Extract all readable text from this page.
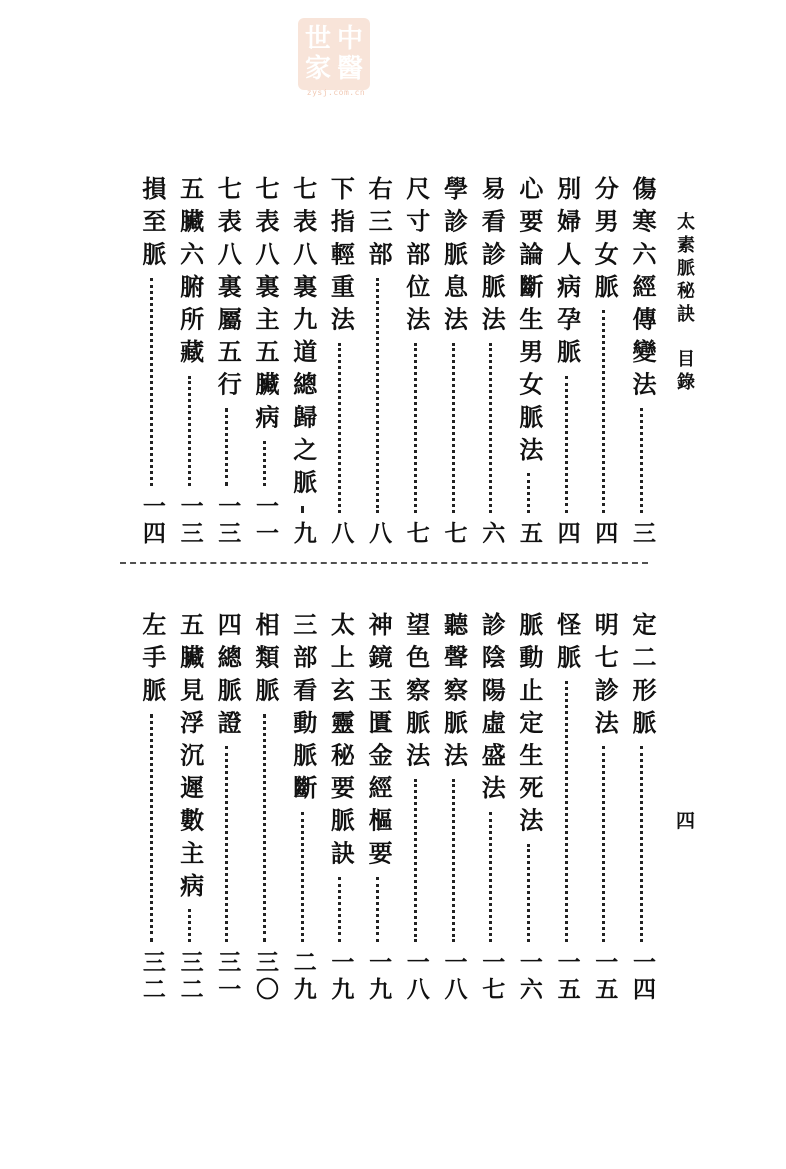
世 中
家 醫
zysj.com.cn
太素脈秘訣目錄
四
傷寒六經傳變法
三
分男女脈
四
別婦人病孕脈
四
心要論斷生男女脈法
五
易看診脈法
六
學診脈息法
七
尺寸部位法
七
右三部
八
下指輕重法
八
七表八裏九道總歸之脈
九
七表八裏主五臟病
一一
七表八裏屬五行
一三
五臟六腑所藏
一三
損至脈
一四
定二形脈
一四
明七診法
一五
怪脈
一五
脈動止定生死法
一六
診陰陽虛盛法
一七
聽聲察脈法
一八
望色察脈法
一八
神鏡玉匱金經樞要
一九
太上玄靈秘要脈訣
一九
三部看動脈斷
二九
相類脈
三〇
四總脈證
三一
五臟見浮沉遲數主病
三二
左手脈
三二
